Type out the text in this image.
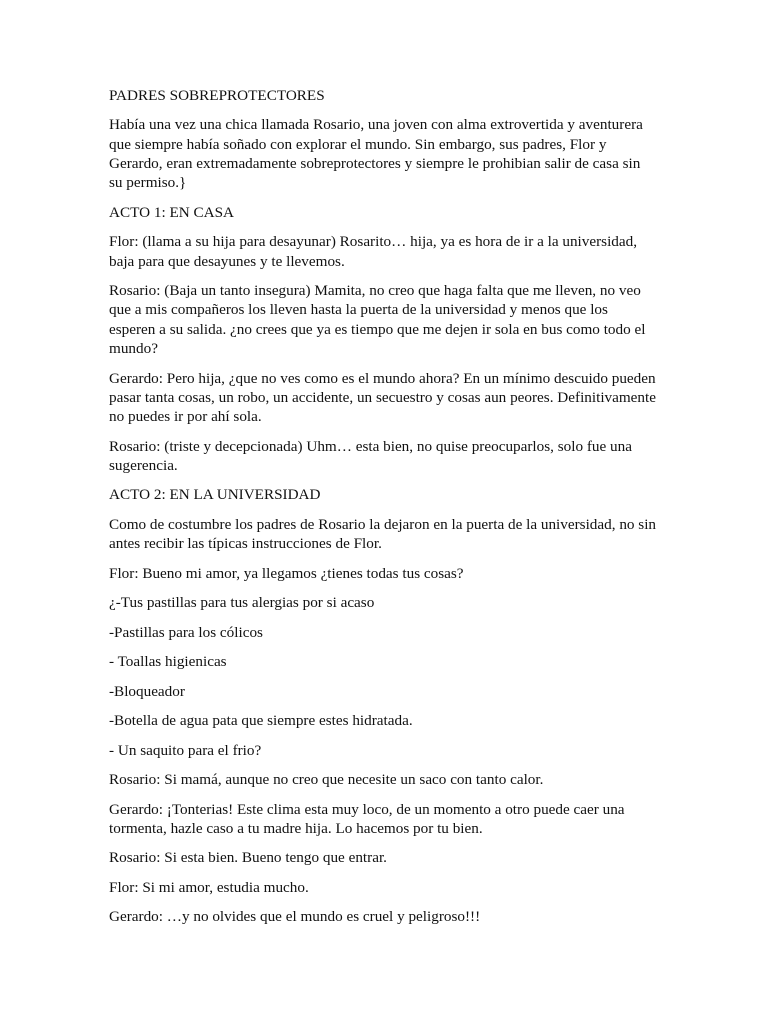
PADRES SOBREPROTECTORES

Había una vez una chica llamada Rosario, una joven con alma extrovertida y aventurera que siempre había soñado con explorar el mundo. Sin embargo, sus padres, Flor y Gerardo, eran extremadamente sobreprotectores y siempre le prohibian salir de casa sin su permiso.}

ACTO 1: EN CASA

Flor: (llama a su hija para desayunar) Rosarito… hija, ya es hora de ir a la universidad, baja para que desayunes y te llevemos.

Rosario: (Baja un tanto insegura) Mamita, no creo que haga falta que me lleven, no veo que a mis compañeros los lleven hasta la puerta de la universidad y menos que los esperen a su salida. ¿no crees que ya es tiempo que me dejen ir sola en bus como todo el mundo?

Gerardo: Pero hija, ¿que no ves como es el mundo ahora? En un mínimo descuido pueden pasar tanta cosas, un robo, un accidente, un secuestro y cosas aun peores. Definitivamente no puedes ir por ahí sola.

Rosario: (triste y decepcionada) Uhm… esta bien, no quise preocuparlos, solo fue una sugerencia.

ACTO 2: EN LA UNIVERSIDAD

Como de costumbre los padres de Rosario la dejaron en la puerta de la universidad, no sin antes recibir las típicas instrucciones de Flor.

Flor: Bueno mi amor, ya llegamos ¿tienes todas tus cosas?

¿-Tus pastillas para tus alergias por si acaso

-Pastillas para los cólicos

- Toallas higienicas

-Bloqueador

-Botella de agua pata que siempre estes hidratada.

- Un saquito para el frio?

Rosario: Si mamá, aunque no creo que necesite un saco con tanto calor.

Gerardo: ¡Tonterias! Este clima esta muy loco, de un momento a otro puede caer una tormenta, hazle caso a tu madre hija. Lo hacemos por tu bien.

Rosario: Si esta bien. Bueno tengo que entrar.

Flor: Si mi amor, estudia mucho.

Gerardo: …y no olvides que el mundo es cruel y peligroso!!!
